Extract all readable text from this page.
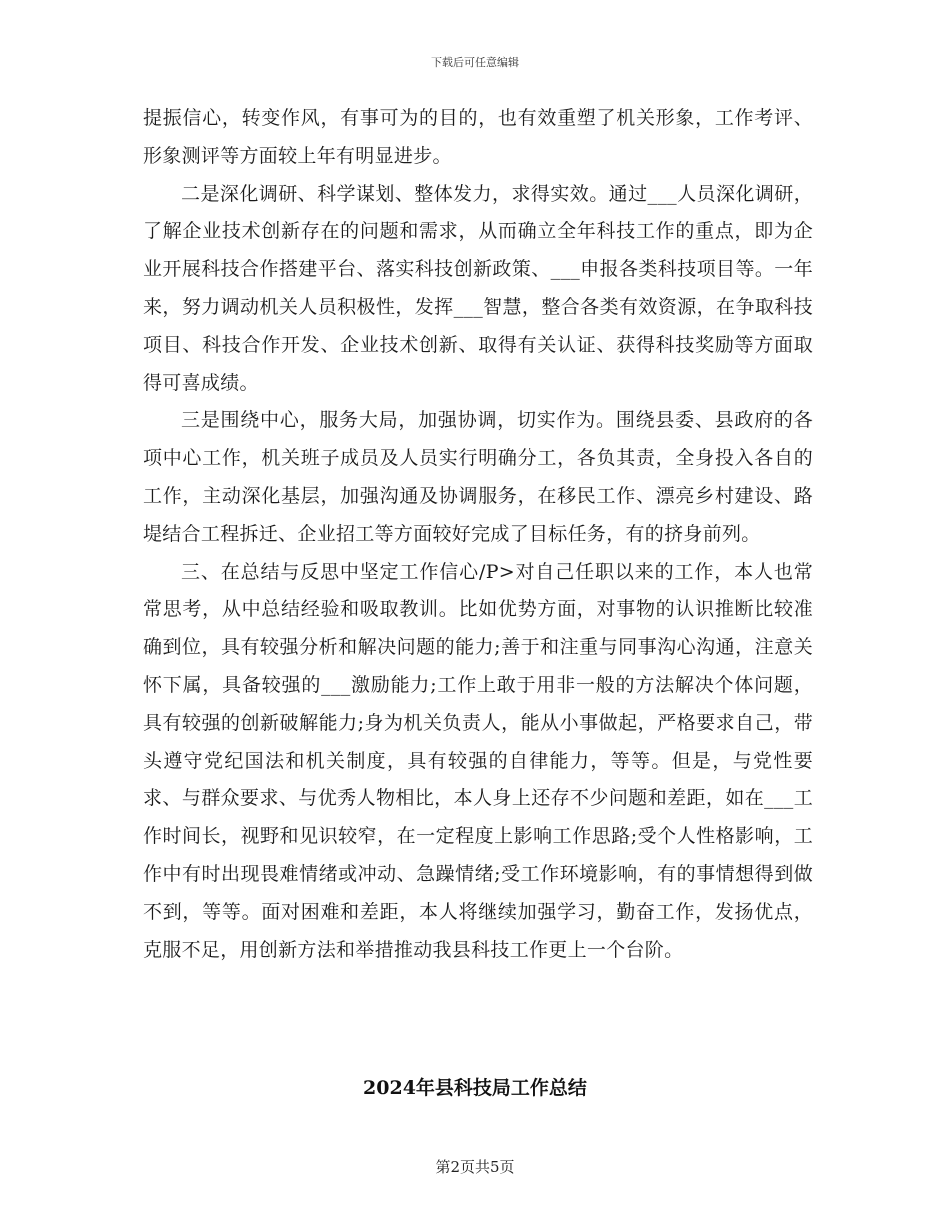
下载后可任意编辑

提振信心，转变作风，有事可为的目的，也有效重塑了机关形象，工作考评、形象测评等方面较上年有明显进步。

二是深化调研、科学谋划、整体发力，求得实效。通过___人员深化调研，了解企业技术创新存在的问题和需求，从而确立全年科技工作的重点，即为企业开展科技合作搭建平台、落实科技创新政策、___申报各类科技项目等。一年来，努力调动机关人员积极性，发挥___智慧，整合各类有效资源，在争取科技项目、科技合作开发、企业技术创新、取得有关认证、获得科技奖励等方面取得可喜成绩。

三是围绕中心，服务大局，加强协调，切实作为。围绕县委、县政府的各项中心工作，机关班子成员及人员实行明确分工，各负其责，全身投入各自的工作，主动深化基层，加强沟通及协调服务，在移民工作、漂亮乡村建设、路堤结合工程拆迁、企业招工等方面较好完成了目标任务，有的挤身前列。

三、在总结与反思中坚定工作信心/P>对自己任职以来的工作，本人也常常思考，从中总结经验和吸取教训。比如优势方面，对事物的认识推断比较准确到位，具有较强分析和解决问题的能力;善于和注重与同事沟心沟通，注意关怀下属，具备较强的___激励能力;工作上敢于用非一般的方法解决个体问题，具有较强的创新破解能力;身为机关负责人，能从小事做起，严格要求自己，带头遵守党纪国法和机关制度，具有较强的自律能力，等等。但是，与党性要求、与群众要求、与优秀人物相比，本人身上还存不少问题和差距，如在___工作时间长，视野和见识较窄，在一定程度上影响工作思路;受个人性格影响，工作中有时出现畏难情绪或冲动、急躁情绪;受工作环境影响，有的事情想得到做不到，等等。面对困难和差距，本人将继续加强学习，勤奋工作，发扬优点，克服不足，用创新方法和举措推动我县科技工作更上一个台阶。

2024年县科技局工作总结
第2页共5页
